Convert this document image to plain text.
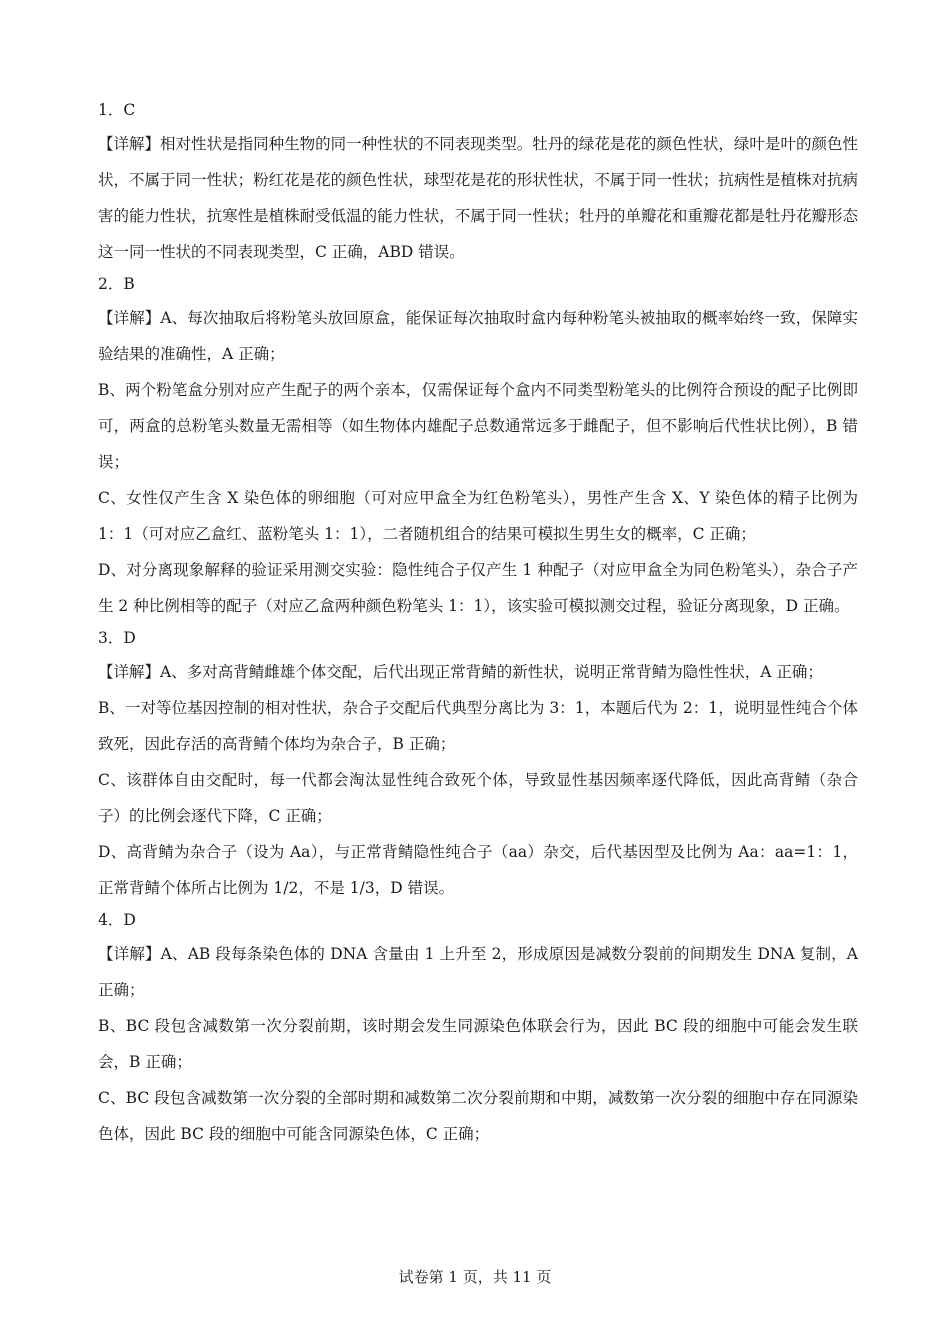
1．C
【详解】相对性状是指同种生物的同一种性状的不同表现类型。牡丹的绿花是花的颜色性状，绿叶是叶的颜色性状，不属于同一性状；粉红花是花的颜色性状，球型花是花的形状性状，不属于同一性状；抗病性是植株对抗病害的能力性状，抗寒性是植株耐受低温的能力性状，不属于同一性状；牡丹的单瓣花和重瓣花都是牡丹花瓣形态这一同一性状的不同表现类型，C 正确，ABD 错误。
2．B
【详解】A、每次抽取后将粉笔头放回原盒，能保证每次抽取时盒内每种粉笔头被抽取的概率始终一致，保障实验结果的准确性，A 正确；
B、两个粉笔盒分别对应产生配子的两个亲本，仅需保证每个盒内不同类型粉笔头的比例符合预设的配子比例即可，两盒的总粉笔头数量无需相等（如生物体内雄配子总数通常远多于雌配子，但不影响后代性状比例），B 错误；
C、女性仅产生含 X 染色体的卵细胞（可对应甲盒全为红色粉笔头），男性产生含 X、Y 染色体的精子比例为 1：1（可对应乙盒红、蓝粉笔头 1：1），二者随机组合的结果可模拟生男生女的概率，C 正确；
D、对分离现象解释的验证采用测交实验：隐性纯合子仅产生 1 种配子（对应甲盒全为同色粉笔头），杂合子产生 2 种比例相等的配子（对应乙盒两种颜色粉笔头 1：1），该实验可模拟测交过程，验证分离现象，D 正确。
3．D
【详解】A、多对高背鲭雌雄个体交配，后代出现正常背鲭的新性状，说明正常背鲭为隐性性状，A 正确；
B、一对等位基因控制的相对性状，杂合子交配后代典型分离比为 3：1，本题后代为 2：1，说明显性纯合个体致死，因此存活的高背鲭个体均为杂合子，B 正确；
C、该群体自由交配时，每一代都会淘汰显性纯合致死个体，导致显性基因频率逐代降低，因此高背鲭（杂合子）的比例会逐代下降，C 正确；
D、高背鲭为杂合子（设为 Aa），与正常背鲭隐性纯合子（aa）杂交，后代基因型及比例为 Aa：aa=1：1，正常背鲭个体所占比例为 1/2，不是 1/3，D 错误。
4．D
【详解】A、AB 段每条染色体的 DNA 含量由 1 上升至 2，形成原因是减数分裂前的间期发生 DNA 复制，A 正确；
B、BC 段包含减数第一次分裂前期，该时期会发生同源染色体联会行为，因此 BC 段的细胞中可能会发生联会，B 正确；
C、BC 段包含减数第一次分裂的全部时期和减数第二次分裂前期和中期，减数第一次分裂的细胞中存在同源染色体，因此 BC 段的细胞中可能含同源染色体，C 正确；
试卷第 1 页，共 11 页
